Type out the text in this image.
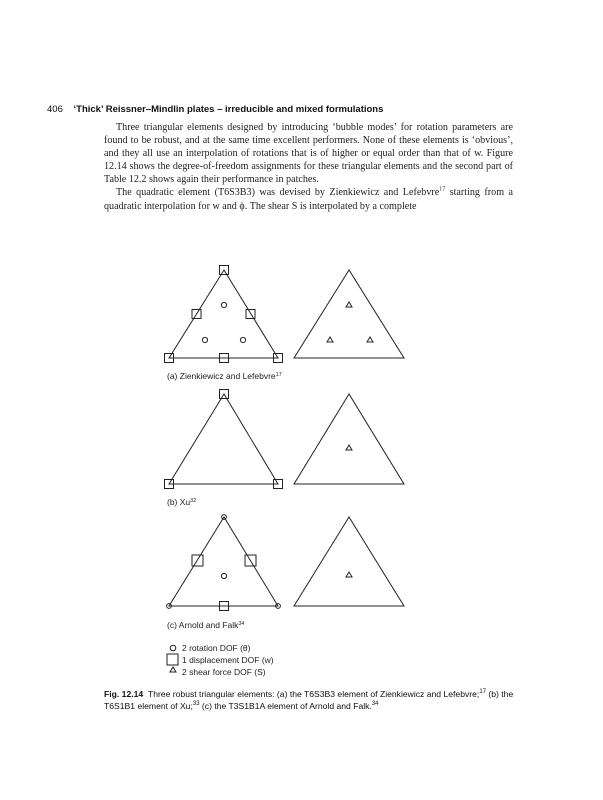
406 ‘Thick’ Reissner–Mindlin plates – irreducible and mixed formulations

Three triangular elements designed by introducing ‘bubble modes’ for rotation parameters are found to be robust, and at the same time excellent performers. None of these elements is ‘obvious’, and they all use an interpolation of rotations that is of higher or equal order than that of w. Figure 12.14 shows the degree-of-freedom assignments for these triangular elements and the second part of Table 12.2 shows again their performance in patches.

The quadratic element (T6S3B3) was devised by Zienkiewicz and Lefebvre$^{17}$ starting from a quadratic interpolation for w and ϕ. The shear S is interpolated by a complete

(a) Zienkiewicz and Lefebvre$^{17}$
(b) Xu$^{32}$
(c) Arnold and Falk$^{34}$
2 rotation DOF (θ)
1 displacement DOF (w)
2 shear force DOF (S)
Fig. 12.14 Three robust triangular elements: (a) the T6S3B3 element of Zienkiewicz and Lefebvre;$^{17}$ (b) the T6S1B1 element of Xu;$^{33}$ (c) the T3S1B1A element of Arnold and Falk.$^{34}$
